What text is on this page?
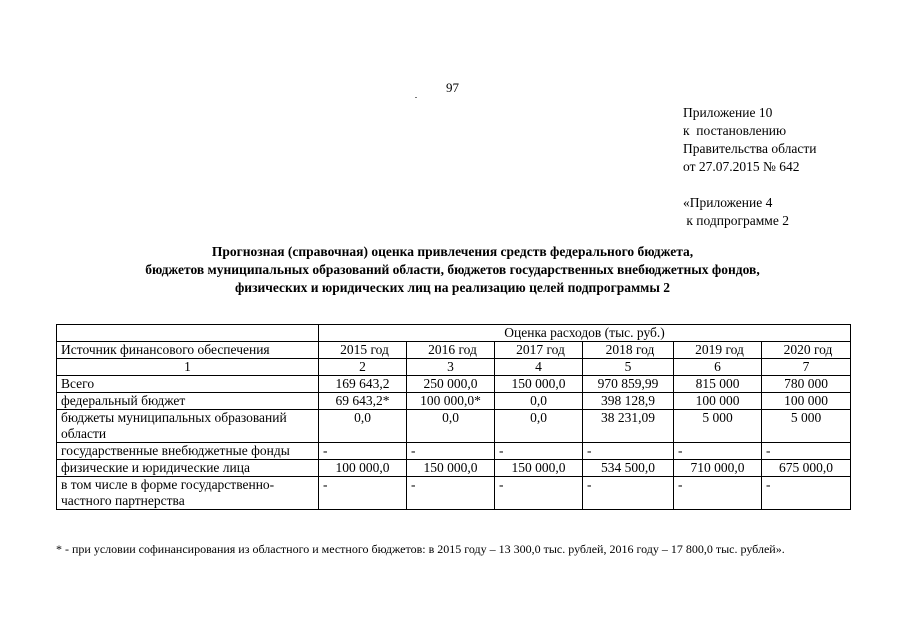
97
Приложение 10
к  постановлению
Правительства области
от 27.07.2015 № 642
«Приложение 4
к подпрограмме 2
Прогнозная (справочная) оценка привлечения средств федерального бюджета,
бюджетов муниципальных образований области, бюджетов государственных внебюджетных фондов,
физических и юридических лиц на реализацию целей подпрограммы 2
	Оценка расходов (тыс. руб.)					
Источник финансового обеспечения	2015 год	2016 год	2017 год	2018 год	2019 год	2020 год
1	2	3	4	5	6	7
Всего	169 643,2	250 000,0	150 000,0	970 859,99	815 000	780 000
федеральный бюджет	69 643,2*	100 000,0*	0,0	398 128,9	100 000	100 000
бюджеты муниципальных образований области	0,0	0,0	0,0	38 231,09	5 000	5 000
государственные внебюджетные фонды	-	-	-	-	-	-
физические и юридические лица	100 000,0	150 000,0	150 000,0	534 500,0	710 000,0	675 000,0
в том числе в форме государственно-частного партнерства	-	-	-	-	-	-
* - при условии софинансирования из областного и местного бюджетов: в 2015 году – 13 300,0 тыс. рублей, 2016 году – 17 800,0 тыс. рублей».
